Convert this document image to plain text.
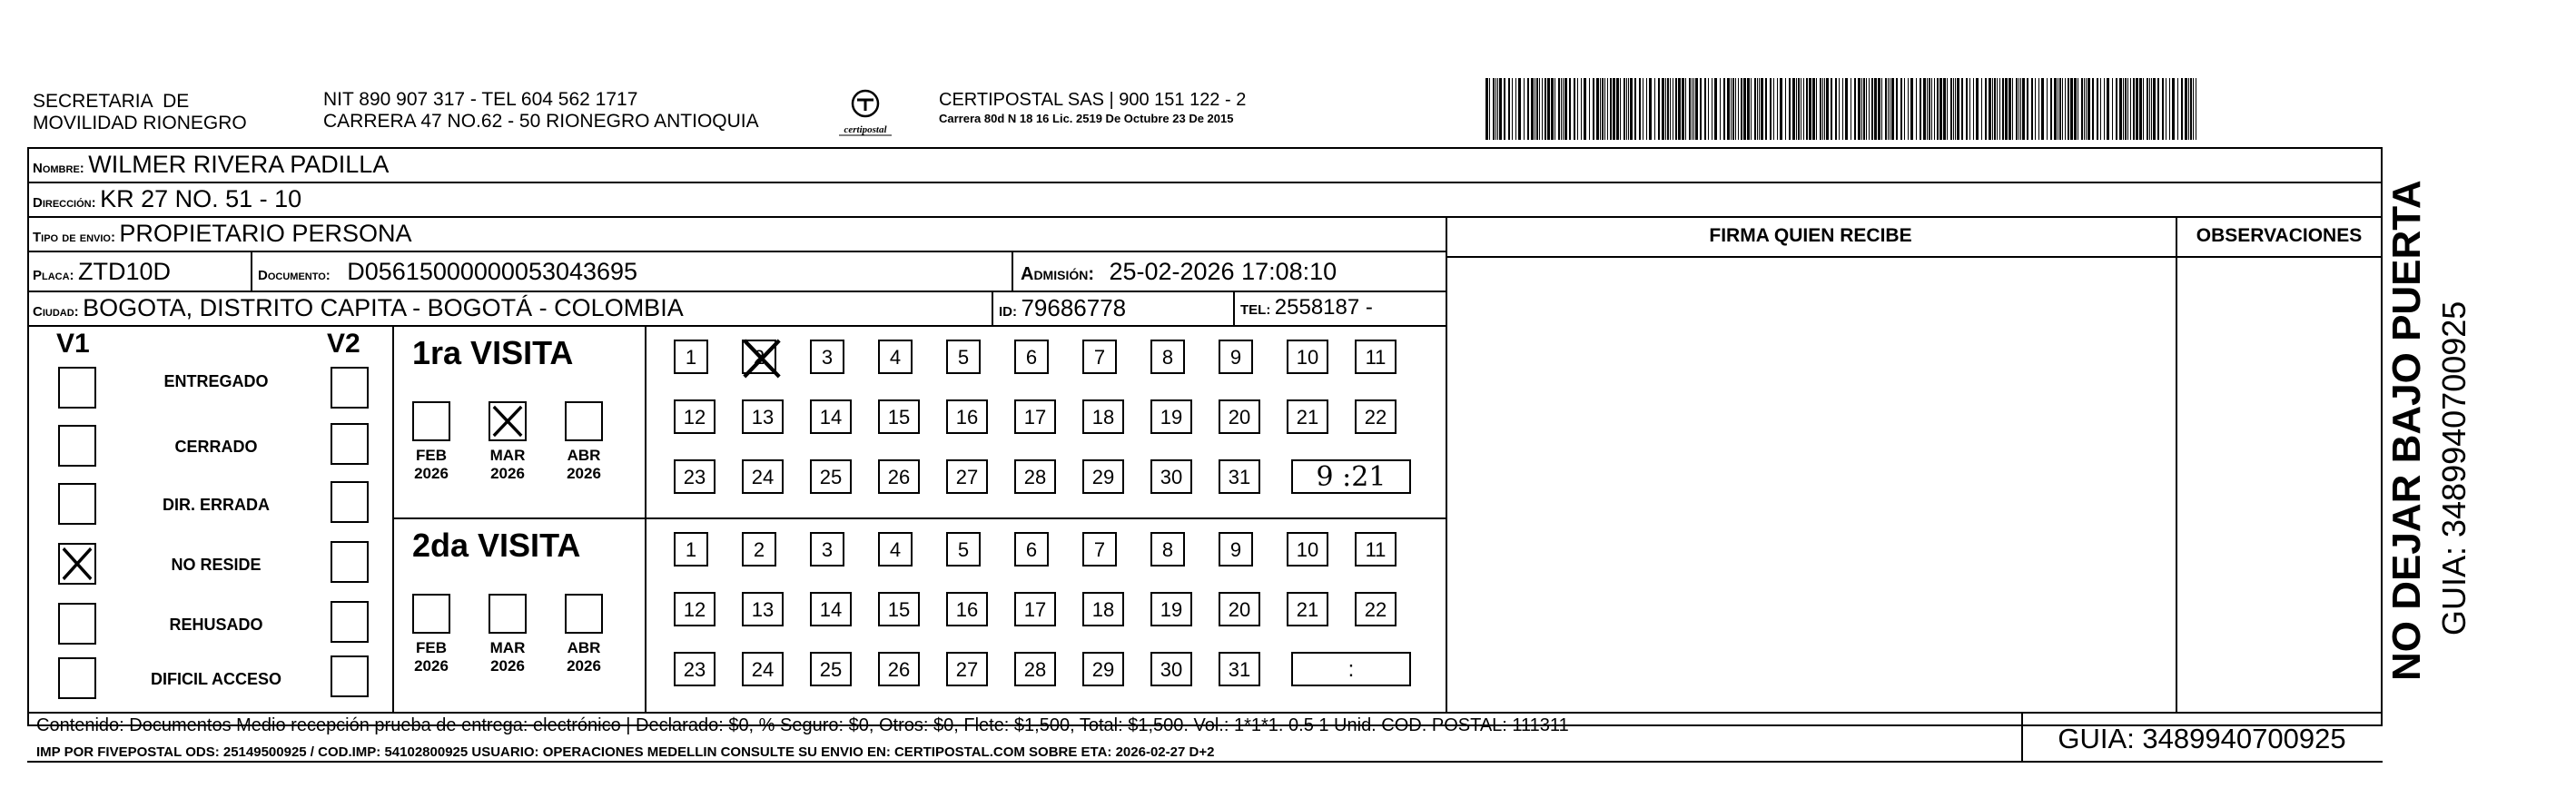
SECRETARIA  DE
MOVILIDAD RIONEGRO
NIT 890 907 317 - TEL 604 562 1717
CARRERA 47 NO.62 - 50 RIONEGRO ANTIOQUIA	certipostal
CERTIPOSTAL SAS | 900 151 122 - 2
Carrera 80d N 18 16 Lic. 2519 De Octubre 23 De 2015
Nombre: WILMER RIVERA PADILLA
Dirección: KR 27 NO. 51 - 10
Tipo de envio: PROPIETARIO PERSONA
Placa: ZTD10D	Documento: D05615000000053043695	Admisión: 25-02-2026 17:08:10
Ciudad: BOGOTA, DISTRITO CAPITA - BOGOTÁ - COLOMBIA	ID: 79686778	TEL: 2558187 -
FIRMA QUIEN RECIBE	OBSERVACIONES
V1	V2
ENTREGADO
CERRADO
DIR. ERRADA
NO RESIDE
REHUSADO
DIFICIL ACCESO
1ra VISITA
FEB
2026
MAR
2026
ABR
2026
1	2	3	4	5	6	7	8	9	10	11
12	13	14	15	16	17	18	19	20	21	22
23	24	25	26	27	28	29	30	31	9 :21
2da VISITA
FEB
2026
MAR
2026
ABR
2026
1	2	3	4	5	6	7	8	9	10	11
12	13	14	15	16	17	18	19	20	21	22
23	24	25	26	27	28	29	30	31	:
Contenido: Documentos Medio recepción prueba de entrega: electrónico | Declarado: $0, % Seguro: $0, Otros: $0, Flete: $1,500, Total: $1,500. Vol.: 1*1*1. 0.5 1 Unid. COD. POSTAL: 111311
IMP POR FIVEPOSTAL ODS: 25149500925 / COD.IMP: 54102800925 USUARIO: OPERACIONES MEDELLIN CONSULTE SU ENVIO EN: CERTIPOSTAL.COM SOBRE ETA: 2026-02-27 D+2	GUIA: 3489940700925
NO DEJAR BAJO PUERTA GUIA: 3489940700925
